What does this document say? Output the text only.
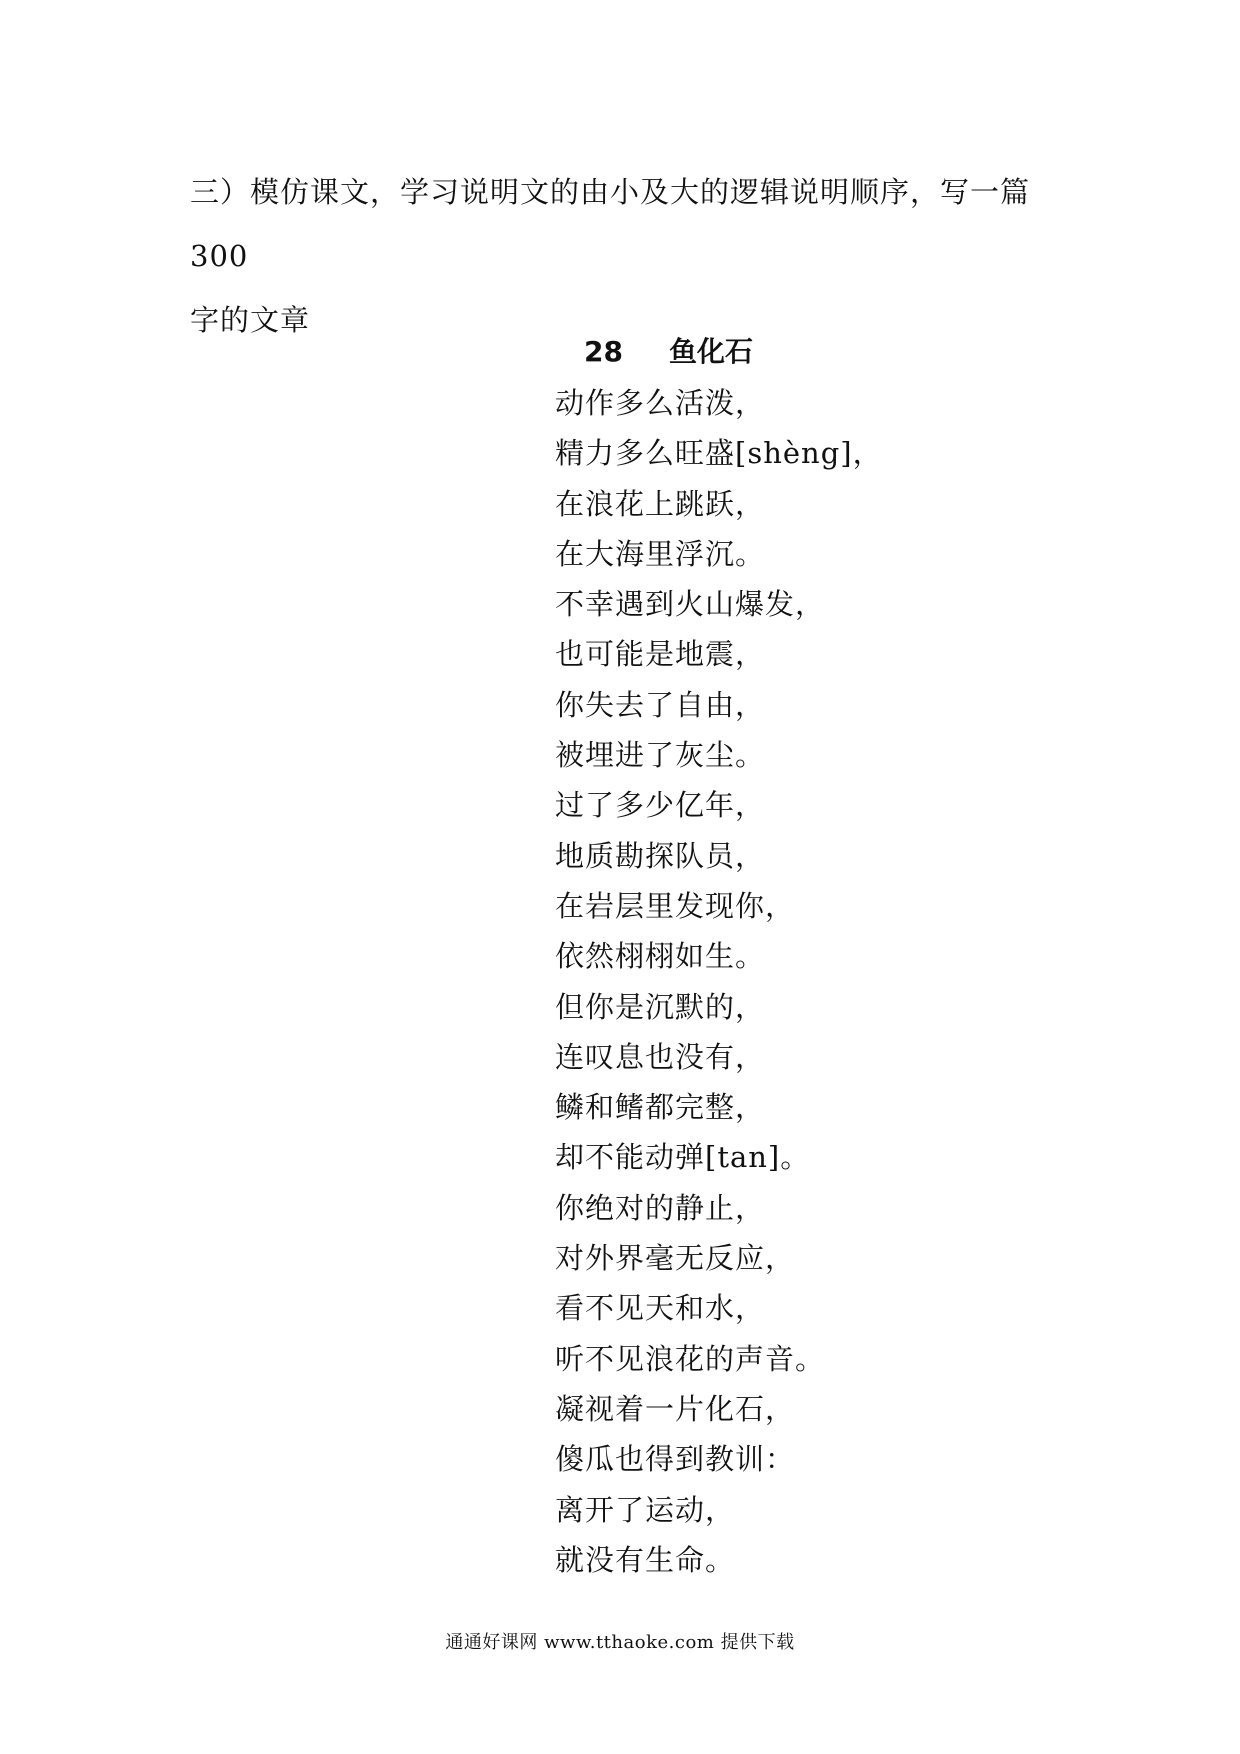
三）模仿课文，学习说明文的由小及大的逻辑说明顺序，写一篇300

字的文章

28 鱼化石
动作多么活泼，
精力多么旺盛[shèng]，
在浪花上跳跃，
在大海里浮沉。
不幸遇到火山爆发，
也可能是地震，
你失去了自由，
被埋进了灰尘。
过了多少亿年，
地质勘探队员，
在岩层里发现你，
依然栩栩如生。
但你是沉默的，
连叹息也没有，
鳞和鳍都完整，
却不能动弹[tan]。
你绝对的静止，
对外界毫无反应，
看不见天和水，
听不见浪花的声音。
凝视着一片化石，
傻瓜也得到教训：
离开了运动，
就没有生命。
通通好课网 www.tthaoke.com 提供下载
